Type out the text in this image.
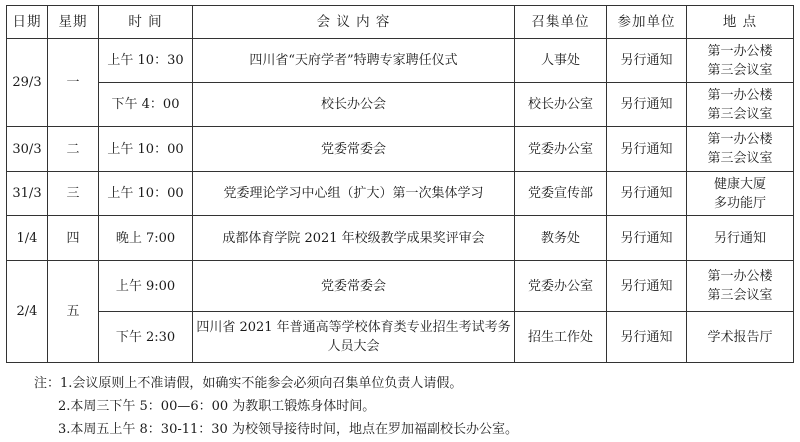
日期	星期	时 间	会 议 内 容	召集单位	参加单位	地 点
29/3	一	上午 10：30	四川省“天府学者”特聘专家聘任仪式	人事处	另行通知	第一办公楼
第三会议室

		下午 4：00	校长办公会	校长办公室	另行通知	第一办公楼
第三会议室

30/3	二	上午 10：00	党委常委会	党委办公室	另行通知	第一办公楼
第三会议室

31/3	三	上午 10：00	党委理论学习中心组（扩大）第一次集体学习	党委宣传部	另行通知	健康大厦
多功能厅

1/4	四	晚上 7:00	成都体育学院 2021 年校级教学成果奖评审会	教务处	另行通知	另行通知

2/4	五	上午 9:00	党委常委会	党委办公室	另行通知	第一办公楼
第三会议室

		下午 2:30	四川省 2021 年普通高等学校体育类专业招生考试考务人员大会	招生工作处	另行通知	学术报告厅
注：1.会议原则上不准请假，如确实不能参会必须向召集单位负责人请假。
2.本周三下午 5：00—6：00 为教职工锻炼身体时间。
3.本周五上午 8：30-11：30 为校领导接待时间，地点在罗加福副校长办公室。
